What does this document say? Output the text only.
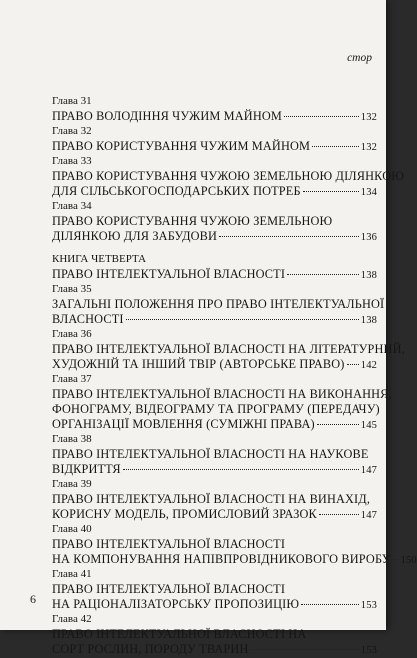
стор
Глава 31
ПРАВО ВОЛОДІННЯ ЧУЖИМ МАЙНОМ	132
Глава 32
ПРАВО КОРИСТУВАННЯ ЧУЖИМ МАЙНОМ	132
Глава 33
ПРАВО КОРИСТУВАННЯ ЧУЖОЮ ЗЕМЕЛЬНОЮ ДІЛЯНКОЮ
ДЛЯ СІЛЬСЬКОГОСПОДАРСЬКИХ ПОТРЕБ	134
Глава 34
ПРАВО КОРИСТУВАННЯ ЧУЖОЮ ЗЕМЕЛЬНОЮ
ДІЛЯНКОЮ ДЛЯ ЗАБУДОВИ	136
КНИГА ЧЕТВЕРТА
ПРАВО ІНТЕЛЕКТУАЛЬНОЇ ВЛАСНОСТІ	138
Глава 35
ЗАГАЛЬНІ ПОЛОЖЕННЯ ПРО ПРАВО ІНТЕЛЕКТУАЛЬНОЇ
ВЛАСНОСТІ	138
Глава 36
ПРАВО ІНТЕЛЕКТУАЛЬНОЇ ВЛАСНОСТІ НА ЛІТЕРАТУРНИЙ,
ХУДОЖНІЙ ТА ІНШИЙ ТВІР (АВТОРСЬКЕ ПРАВО) 142
Глава 37
ПРАВО ІНТЕЛЕКТУАЛЬНОЇ ВЛАСНОСТІ НА ВИКОНАННЯ,
ФОНОГРАМУ, ВІДЕОГРАМУ ТА ПРОГРАМУ (ПЕРЕДАЧУ)
ОРГАНІЗАЦІЇ МОВЛЕННЯ (СУМІЖНІ ПРАВА)	145
Глава 38
ПРАВО ІНТЕЛЕКТУАЛЬНОЇ ВЛАСНОСТІ НА НАУКОВЕ
ВІДКРИТТЯ	147
Глава 39
ПРАВО ІНТЕЛЕКТУАЛЬНОЇ ВЛАСНОСТІ НА ВИНАХІД,
КОРИСНУ МОДЕЛЬ, ПРОМИСЛОВИЙ ЗРАЗОК	147
Глава 40
ПРАВО ІНТЕЛЕКТУАЛЬНОЇ ВЛАСНОСТІ
НА КОМПОНУВАННЯ НАПІВПРОВІДНИКОВОГО ВИРОБУ 150
Глава 41
ПРАВО ІНТЕЛЕКТУАЛЬНОЇ ВЛАСНОСТІ
НА РАЦІОНАЛІЗАТОРСЬКУ ПРОПОЗИЦІЮ	153
Глава 42
ПРАВО ІНТЕЛЕКТУАЛЬНОЇ ВЛАСНОСТІ НА
СОРТ РОСЛИН, ПОРОДУ ТВАРИН	153
6
